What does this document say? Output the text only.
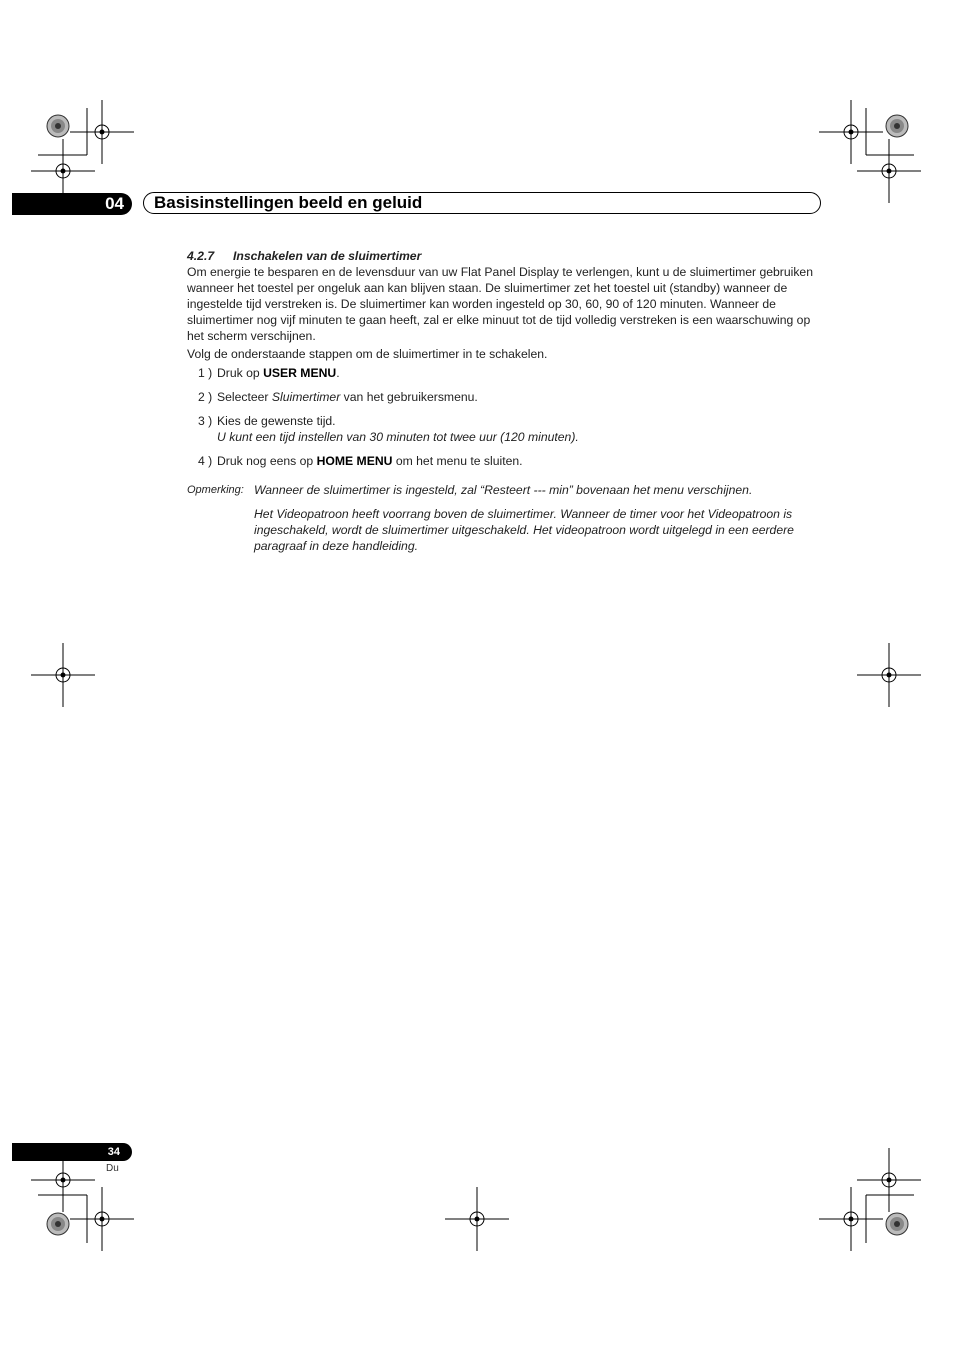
04 Basisinstellingen beeld en geluid
4.2.7 Inschakelen van de sluimertimer

Om energie te besparen en de levensduur van uw Flat Panel Display te verlengen, kunt u de sluimertimer gebruiken wanneer het toestel per ongeluk aan kan blijven staan. De sluimertimer zet het toestel uit (standby) wanneer de ingestelde tijd verstreken is. De sluimertimer kan worden ingesteld op 30, 60, 90 of 120 minuten. Wanneer de sluimertimer nog vijf minuten te gaan heeft, zal er elke minuut tot de tijd volledig verstreken is een waarschuwing op het scherm verschijnen.

Volg de onderstaande stappen om de sluimertimer in te schakelen.

1 ) Druk op USER MENU.
2 ) Selecteer Sluimertimer van het gebruikersmenu.
3 ) Kies de gewenste tijd.
U kunt een tijd instellen van 30 minuten tot twee uur (120 minuten).
4 ) Druk nog eens op HOME MENU om het menu te sluiten.
Opmerking: Wanneer de sluimertimer is ingesteld, zal “Resteert --- min” bovenaan het menu verschijnen.

Het Videopatroon heeft voorrang boven de sluimertimer. Wanneer de timer voor het Videopatroon is ingeschakeld, wordt de sluimertimer uitgeschakeld. Het videopatroon wordt uitgelegd in een eerdere paragraaf in deze handleiding.

34
Du
